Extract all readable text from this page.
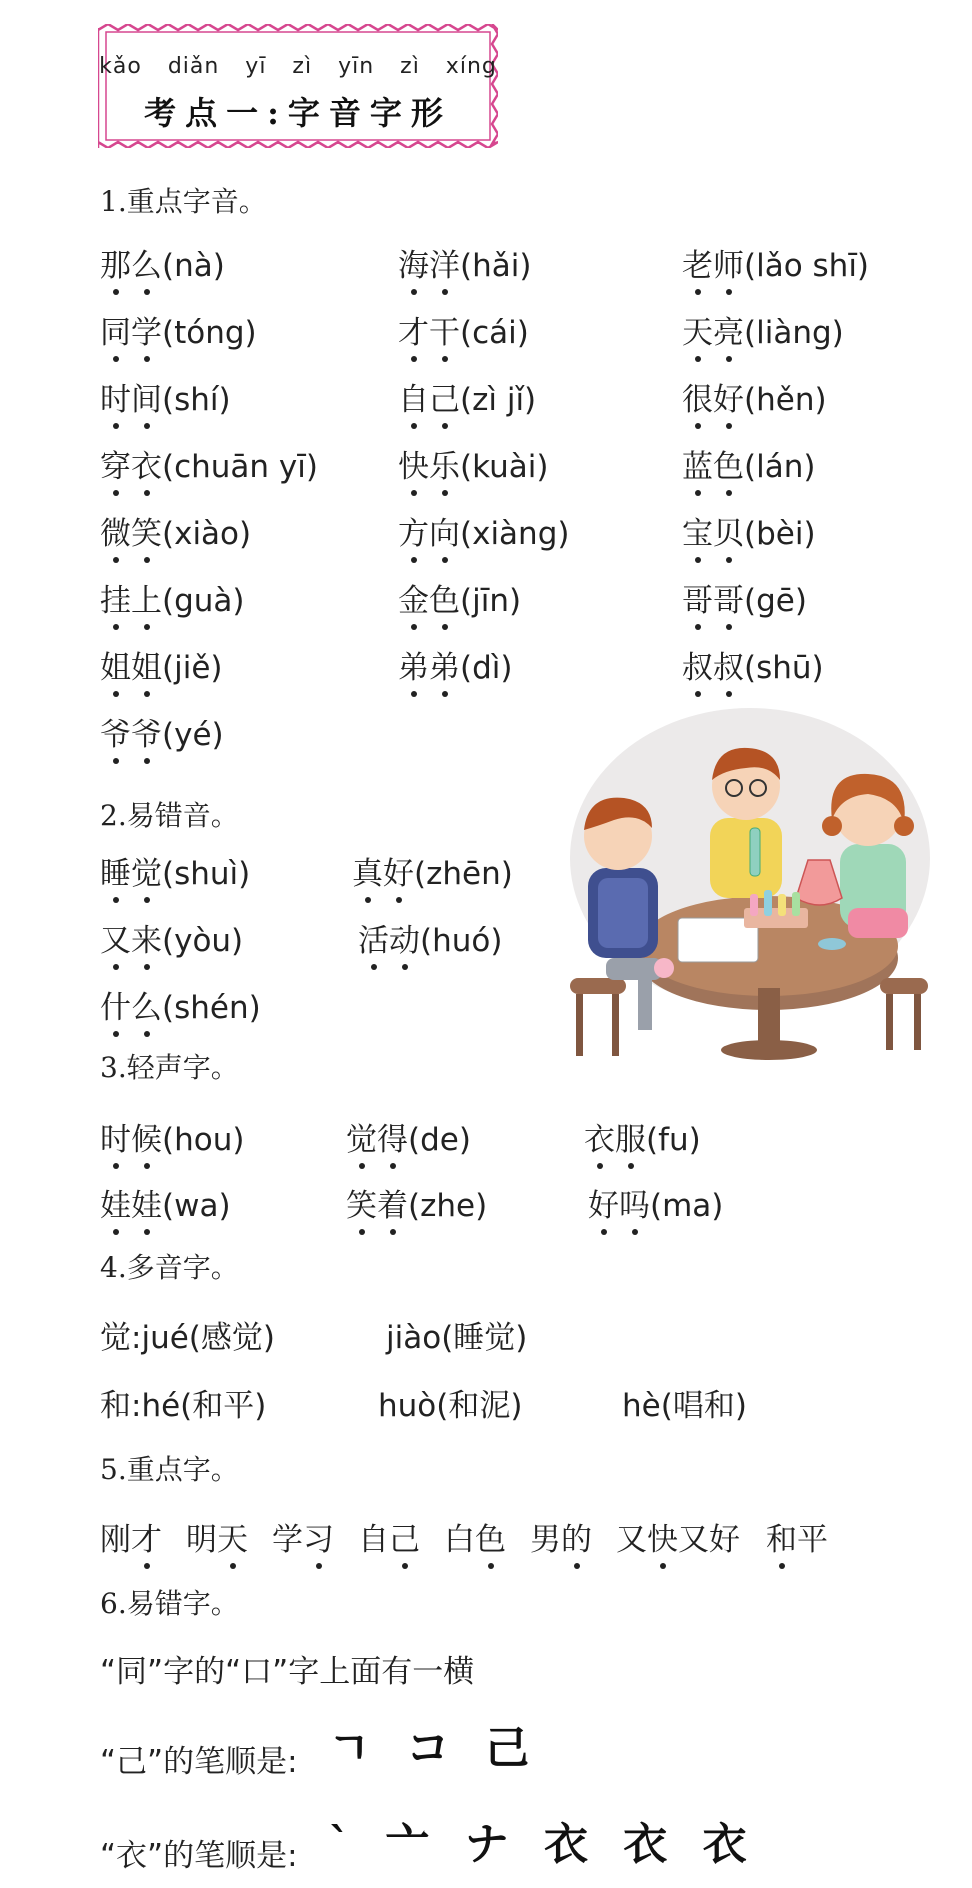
kǎo diǎn yī zì yīn zì xíng
考点一:字音字形
1.重点字音。
2.易错音。
3.轻声字。
4.多音字。
5.重点字。
6.易错字。
那么(nà)	海洋(hǎi)	老师(lǎo shī)
同学(tóng)	才干(cái)	天亮(liàng)
时间(shí)	自己(zì jǐ)	很好(hěn)
穿衣(chuān yī)	快乐(kuài)	蓝色(lán)
微笑(xiào)	方向(xiàng)	宝贝(bèi)
挂上(guà)	金色(jīn)	哥哥(gē)
姐姐(jiě)	弟弟(dì)	叔叔(shū)
爷爷(yé)
睡觉(shuì)	真好(zhēn)
又来(yòu)	活动(huó)
什么(shén)
时候(hou)	觉得(de)	衣服(fu)
娃娃(wa)	笑着(zhe)	好吗(ma)
觉:jué(感觉)	jiào(睡觉)
和:hé(和平)	huò(和泥)	hè(唱和)
刚才 明天 学习 自己 白色 男的 又快又好 和平
“同”字的“口”字上面有一横
“己”的笔顺是: ㄱ コ 己
“衣”的笔顺是: ` 亠 ナ 衣 衣 衣
